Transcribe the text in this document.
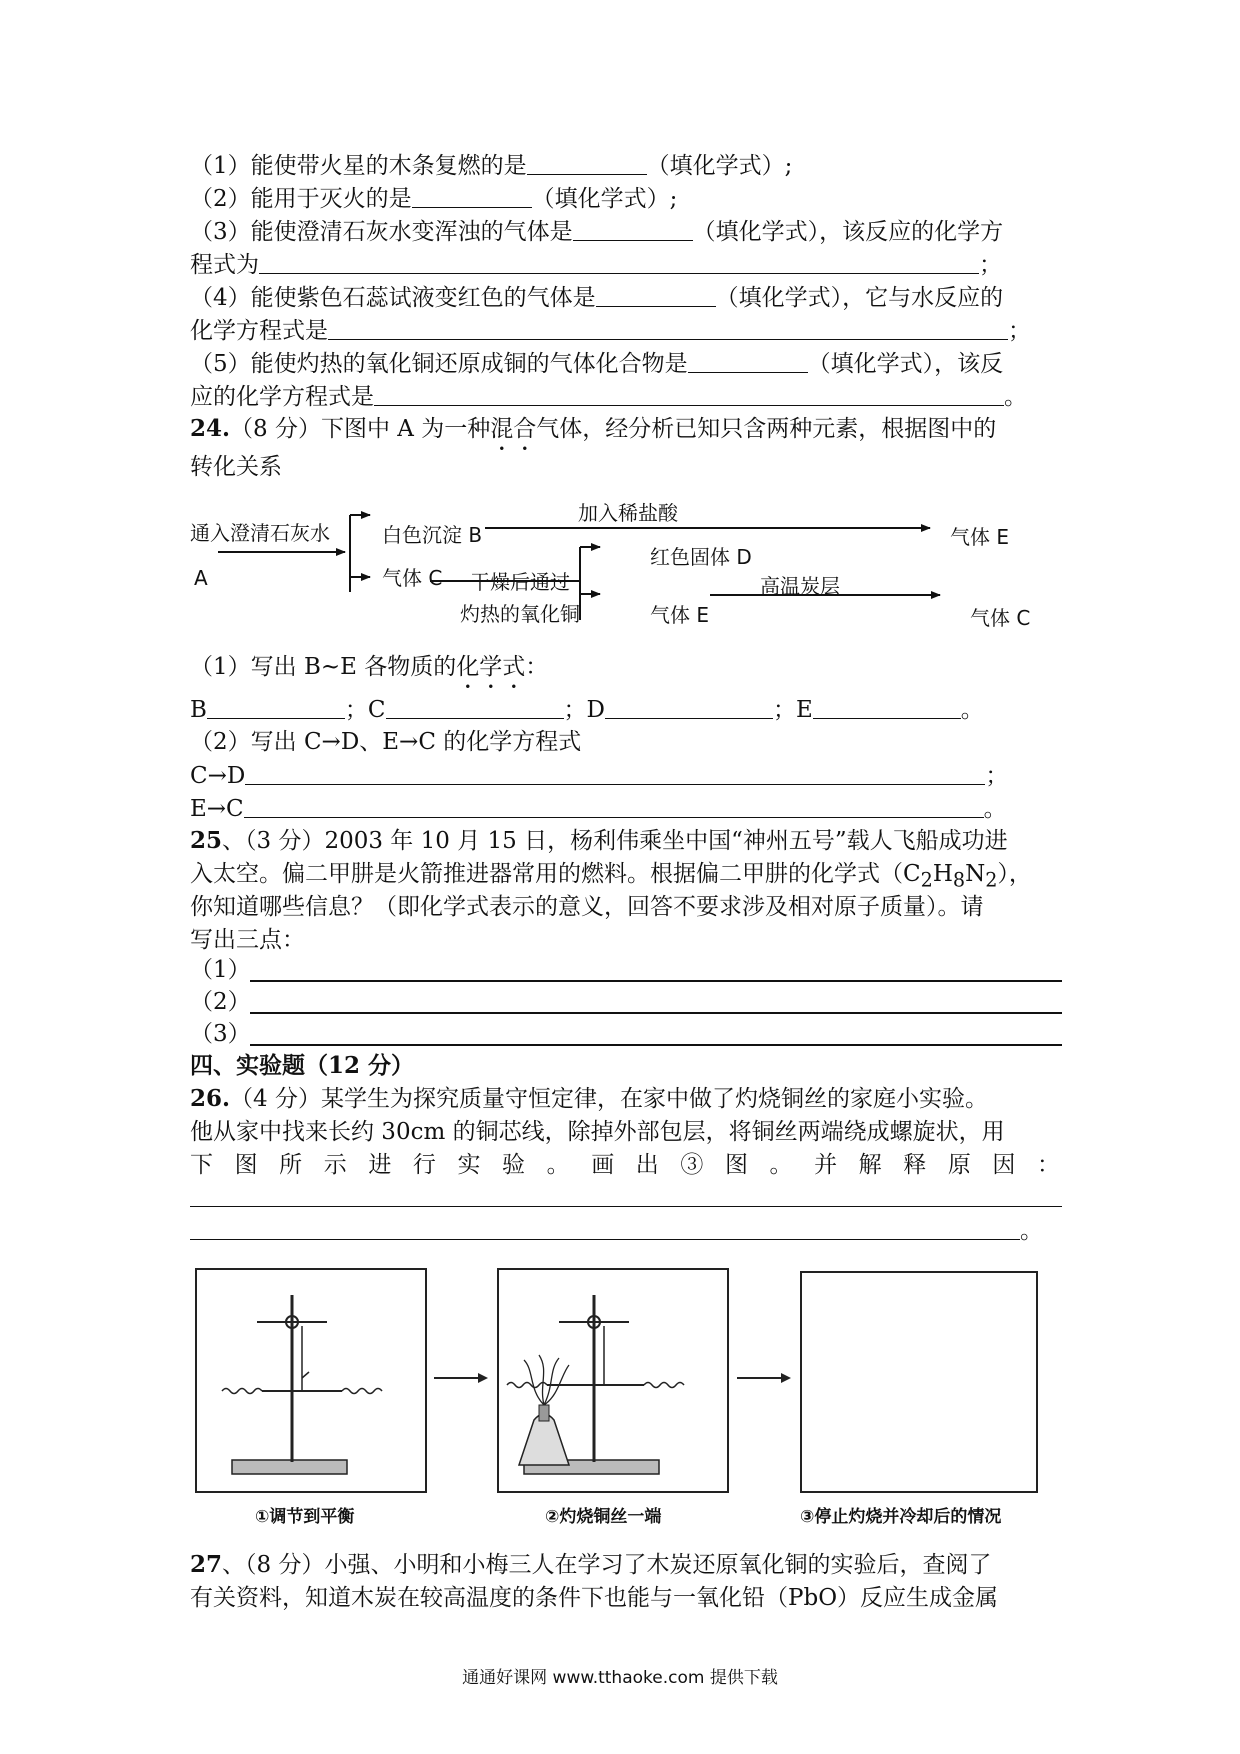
（1）能使带火星的木条复燃的是	（填化学式）;
（2）能用于灭火的是	（填化学式）;
（3）能使澄清石灰水变浑浊的气体是	（填化学式），该反应的化学方
程式为	；
（4）能使紫色石蕊试液变红色的气体是	（填化学式），它与水反应的
化学方程式是	；
（5）能使灼热的氧化铜还原成铜的气体化合物是	（填化学式），该反
应的化学方程式是	。
24.（8 分）下图中 A 为一种混合气体，经分析已知只含两种元素，根据图中的
转化关系
通入澄清石灰水
A
白色沉淀 B
加入稀盐酸
气体 E
气体 C 干燥后通过
灼热的氧化铜
红色固体 D
气体 E
高温炭层
气体 C
（1）写出 B~E 各物质的化学式：
B	；C	；D	；E	。
（2）写出 C→D、E→C 的化学方程式
C→D	；
E→C	。
25、（3 分）2003 年 10 月 15 日，杨利伟乘坐中国“神州五号”载人飞船成功进
入太空。偏二甲肼是火箭推进器常用的燃料。根据偏二甲肼的化学式$(C_2H_8N_2)$，
你知道哪些信息？（即化学式表示的意义，回答不要求涉及相对原子质量）。请
写出三点：
（1）
（2）
（3）
四、实验题（12 分）
26.（4 分）某学生为探究质量守恒定律，在家中做了灼烧铜丝的家庭小实验。
他从家中找来长约 30cm 的铜芯线，除掉外部包层，将铜丝两端绕成螺旋状，用
下图所示进行实验。画出③图。并解释原因：
。
①调节到平衡	②灼烧铜丝一端	③停止灼烧并冷却后的情况
27、（8 分）小强、小明和小梅三人在学习了木炭还原氧化铜的实验后，查阅了
有关资料，知道木炭在较高温度的条件下也能与一氧化铅（PbO）反应生成金属
通通好课网 www.tthaoke.com 提供下载
